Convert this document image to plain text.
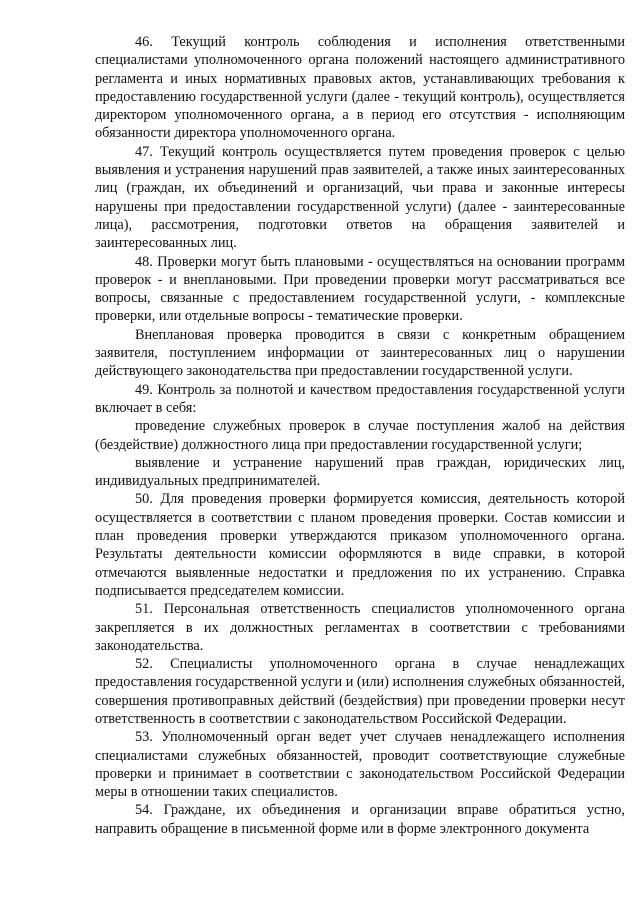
46. Текущий контроль соблюдения и исполнения ответственными специалистами уполномоченного органа положений настоящего административного регламента и иных нормативных правовых актов, устанавливающих требования к предоставлению государственной услуги (далее - текущий контроль), осуществляется директором уполномоченного органа, а в период его отсутствия - исполняющим обязанности директора уполномоченного органа.

47. Текущий контроль осуществляется путем проведения проверок с целью выявления и устранения нарушений прав заявителей, а также иных заинтересованных лиц (граждан, их объединений и организаций, чьи права и законные интересы нарушены при предоставлении государственной услуги) (далее - заинтересованные лица), рассмотрения, подготовки ответов на обращения заявителей и заинтересованных лиц.

48. Проверки могут быть плановыми - осуществляться на основании программ проверок - и внеплановыми. При проведении проверки могут рассматриваться все вопросы, связанные с предоставлением государственной услуги, - комплексные проверки, или отдельные вопросы - тематические проверки.

Внеплановая проверка проводится в связи с конкретным обращением заявителя, поступлением информации от заинтересованных лиц о нарушении действующего законодательства при предоставлении государственной услуги.

49. Контроль за полнотой и качеством предоставления государственной услуги включает в себя:

проведение служебных проверок в случае поступления жалоб на действия (бездействие) должностного лица при предоставлении государственной услуги;

выявление и устранение нарушений прав граждан, юридических лиц, индивидуальных предпринимателей.

50. Для проведения проверки формируется комиссия, деятельность которой осуществляется в соответствии с планом проведения проверки. Состав комиссии и план проведения проверки утверждаются приказом уполномоченного органа. Результаты деятельности комиссии оформляются в виде справки, в которой отмечаются выявленные недостатки и предложения по их устранению. Справка подписывается председателем комиссии.

51. Персональная ответственность специалистов уполномоченного органа закрепляется в их должностных регламентах в соответствии с требованиями законодательства.

52. Специалисты уполномоченного органа в случае ненадлежащих предоставления государственной услуги и (или) исполнения служебных обязанностей, совершения противоправных действий (бездействия) при проведении проверки несут ответственность в соответствии с законодательством Российской Федерации.

53. Уполномоченный орган ведет учет случаев ненадлежащего исполнения специалистами служебных обязанностей, проводит соответствующие служебные проверки и принимает в соответствии с законодательством Российской Федерации меры в отношении таких специалистов.

54. Граждане, их объединения и организации вправе обратиться устно, направить обращение в письменной форме или в форме электронного документа
